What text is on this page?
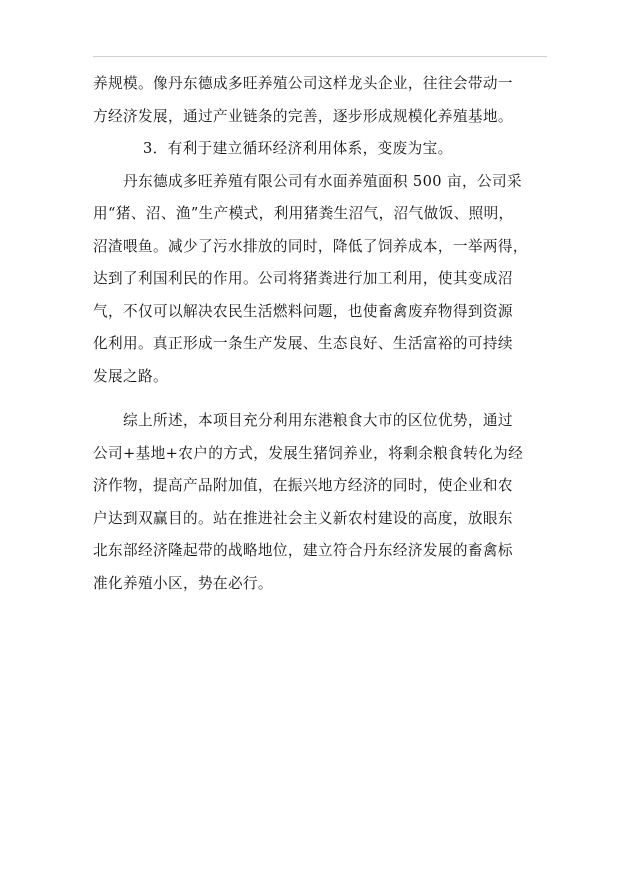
养规模。像丹东德成多旺养殖公司这样龙头企业，往往会带动一
方经济发展，通过产业链条的完善，逐步形成规模化养殖基地。
3．有利于建立循环经济利用体系，变废为宝。
丹东德成多旺养殖有限公司有水面养殖面积 500 亩，公司采
用“猪、沼、渔”生产模式，利用猪粪生沼气，沼气做饭、照明，
沼渣喂鱼。减少了污水排放的同时，降低了饲养成本，一举两得，
达到了利国利民的作用。公司将猪粪进行加工利用，使其变成沼
气，不仅可以解决农民生活燃料问题，也使畜禽废弃物得到资源
化利用。真正形成一条生产发展、生态良好、生活富裕的可持续
发展之路。
综上所述，本项目充分利用东港粮食大市的区位优势，通过
公司+基地+农户的方式，发展生猪饲养业，将剩余粮食转化为经
济作物，提高产品附加值，在振兴地方经济的同时，使企业和农
户达到双赢目的。站在推进社会主义新农村建设的高度，放眼东
北东部经济隆起带的战略地位，建立符合丹东经济发展的畜禽标
准化养殖小区，势在必行。
